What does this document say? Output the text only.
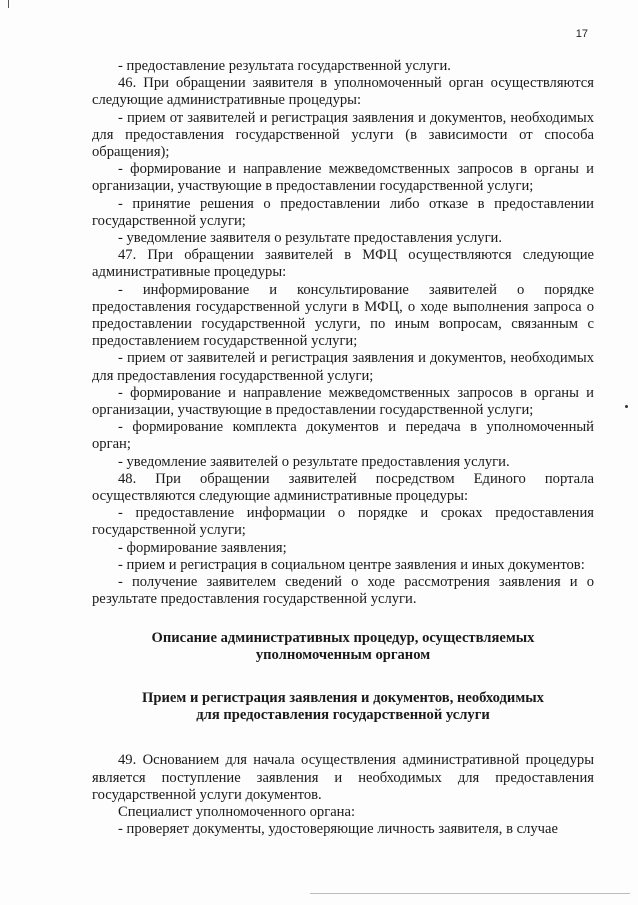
17

- предоставление результата государственной услуги.

46. При обращении заявителя в уполномоченный орган осуществляются следующие административные процедуры:

- прием от заявителей и регистрация заявления и документов, необходимых для предоставления государственной услуги (в зависимости от способа обращения);

- формирование и направление межведомственных запросов в органы и организации, участвующие в предоставлении государственной услуги;

- принятие решения о предоставлении либо отказе в предоставлении государственной услуги;

- уведомление заявителя о результате предоставления услуги.

47. При обращении заявителей в МФЦ осуществляются следующие административные процедуры:

- информирование и консультирование заявителей о порядке предоставления государственной услуги в МФЦ, о ходе выполнения запроса о предоставлении государственной услуги, по иным вопросам, связанным с предоставлением государственной услуги;

- прием от заявителей и регистрация заявления и документов, необходимых для предоставления государственной услуги;

- формирование и направление межведомственных запросов в органы и организации, участвующие в предоставлении государственной услуги;

- формирование комплекта документов и передача в уполномоченный орган;

- уведомление заявителей о результате предоставления услуги.

48. При обращении заявителей посредством Единого портала осуществляются следующие административные процедуры:

- предоставление информации о порядке и сроках предоставления государственной услуги;

- формирование заявления;

- прием и регистрация в социальном центре заявления и иных документов:

- получение заявителем сведений о ходе рассмотрения заявления и о результате предоставления государственной услуги.

Описание административных процедур, осуществляемых
уполномоченным органом

Прием и регистрация заявления и документов, необходимых
для предоставления государственной услуги

49. Основанием для начала осуществления административной процедуры является поступление заявления и необходимых для предоставления государственной услуги документов.

Специалист уполномоченного органа:

- проверяет документы, удостоверяющие личность заявителя, в случае
